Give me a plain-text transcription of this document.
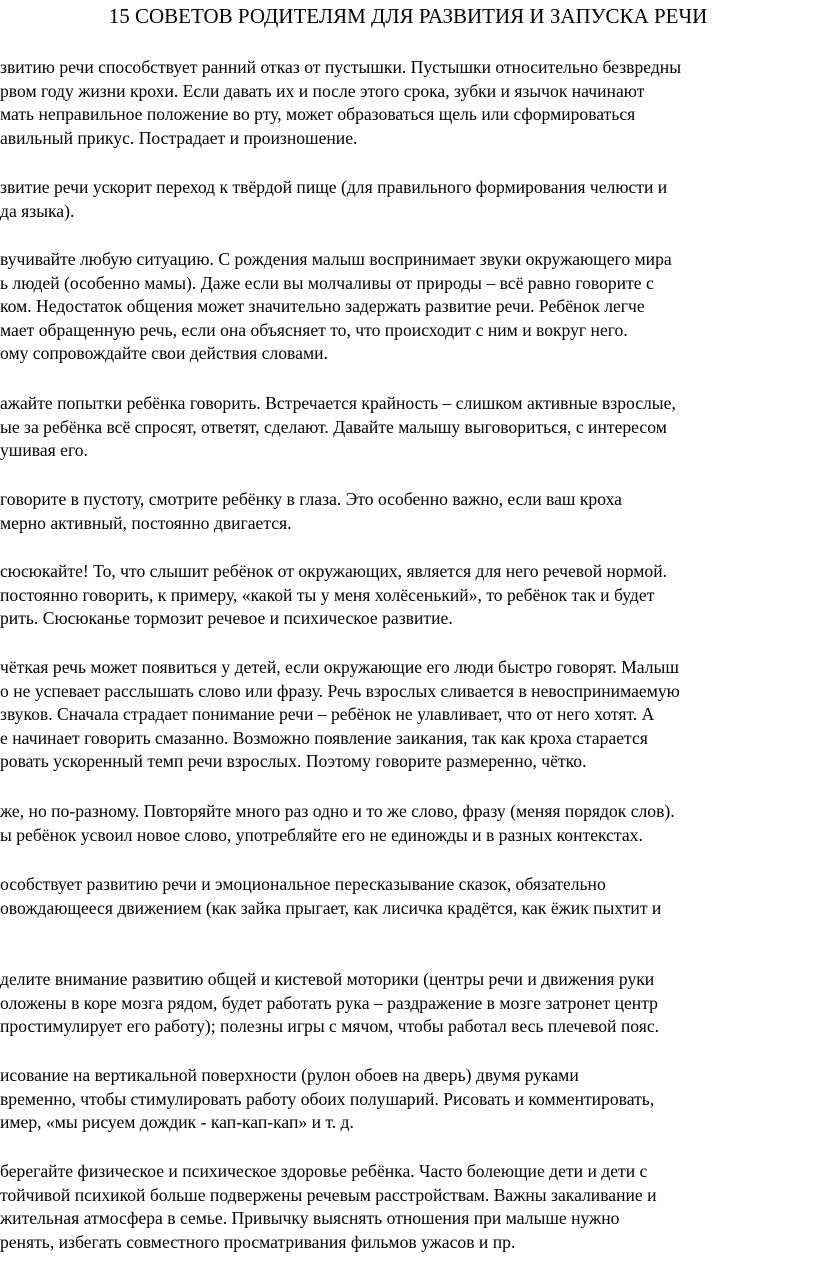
15 СОВЕТОВ РОДИТЕЛЯМ ДЛЯ РАЗВИТИЯ И ЗАПУСКА РЕЧИ
звитию речи способствует ранний отказ от пустышки. Пустышки относительно безвредны
рвом году жизни крохи. Если давать их и после этого срока, зубки и язычок начинают
мать неправильное положение во рту, может образоваться щель или сформироваться
авильный прикус. Пострадает и произношение.
звитие речи ускорит переход к твёрдой пище (для правильного формирования челюсти и
да языка).
вучивайте любую ситуацию. С рождения малыш воспринимает звуки окружающего мира
ь людей (особенно мамы). Даже если вы молчаливы от природы – всё равно говорите с
ком. Недостаток общения может значительно задержать развитие речи. Ребёнок легче
мает обращенную речь, если она объясняет то, что происходит с ним и вокруг него.
ому сопровождайте свои действия словами.
ажайте попытки ребёнка говорить. Встречается крайность – слишком активные взрослые,
ые за ребёнка всё спросят, ответят, сделают. Давайте малышу выговориться, с интересом
ушивая его.
говорите в пустоту, смотрите ребёнку в глаза. Это особенно важно, если ваш кроха
мерно активный, постоянно двигается.
сюсюкайте! То, что слышит ребёнок от окружающих, является для него речевой нормой.
постоянно говорить, к примеру, «какой ты у меня холёсенький», то ребёнок так и будет
рить. Сюсюканье тормозит речевое и психическое развитие.
чёткая речь может появиться у детей, если окружающие его люди быстро говорят. Малыш
о не успевает расслышать слово или фразу. Речь взрослых сливается в невоспринимаемую
звуков. Сначала страдает понимание речи – ребёнок не улавливает, что от него хотят. А
е начинает говорить смазанно. Возможно появление заикания, так как кроха старается
ровать ускоренный темп речи взрослых. Поэтому говорите размеренно, чётко.
же, но по-разному. Повторяйте много раз одно и то же слово, фразу (меняя порядок слов).
ы ребёнок усвоил новое слово, употребляйте его не единожды и в разных контекстах.
особствует развитию речи и эмоциональное пересказывание сказок, обязательно
овождающееся движением (как зайка прыгает, как лисичка крадётся, как ёжик пыхтит и
делите внимание развитию общей и кистевой моторики (центры речи и движения руки
оложены в коре мозга рядом, будет работать рука – раздражение в мозге затронет центр
простимулирует его работу); полезны игры с мячом, чтобы работал весь плечевой пояс.
исование на вертикальной поверхности (рулон обоев на дверь) двумя руками
временно, чтобы стимулировать работу обоих полушарий. Рисовать и комментировать,
имер, «мы рисуем дождик - кап-кап-кап» и т. д.
берегайте физическое и психическое здоровье ребёнка. Часто болеющие дети и дети с
тойчивой психикой больше подвержены речевым расстройствам. Важны закаливание и
жительная атмосфера в семье. Привычку выяснять отношения при малыше нужно
ренять, избегать совместного просматривания фильмов ужасов и пр.
